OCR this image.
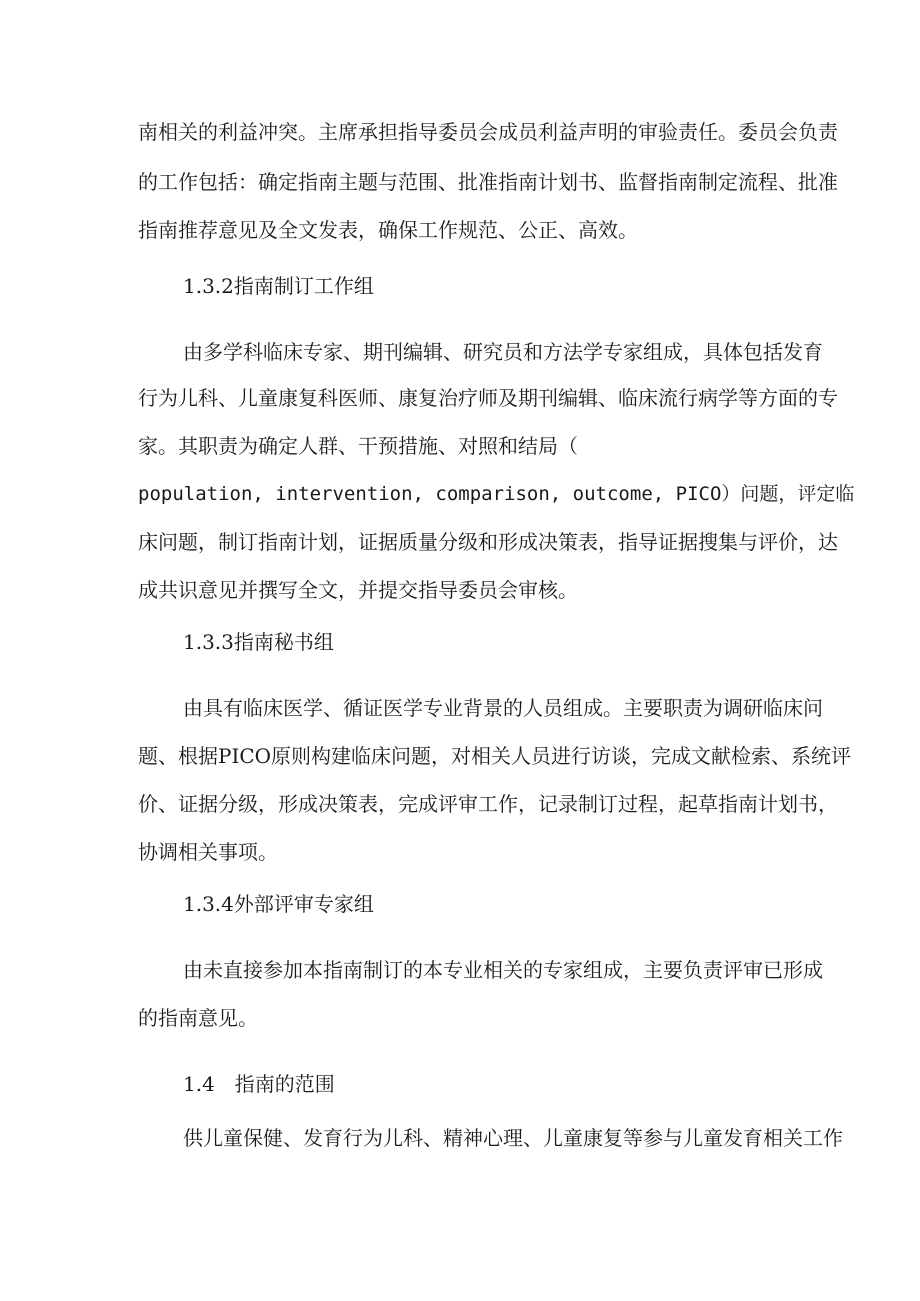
南相关的利益冲突。主席承担指导委员会成员利益声明的审验责任。委员会负责
的工作包括：确定指南主题与范围、批准指南计划书、监督指南制定流程、批准
指南推荐意见及全文发表，确保工作规范、公正、高效。
1.3.2指南制订工作组
由多学科临床专家、期刊编辑、研究员和方法学专家组成，具体包括发育
行为儿科、儿童康复科医师、康复治疗师及期刊编辑、临床流行病学等方面的专
家。其职责为确定人群、干预措施、对照和结局（
population, intervention, comparison, outcome, PICO）问题，评定临
床问题，制订指南计划，证据质量分级和形成决策表，指导证据搜集与评价，达
成共识意见并撰写全文，并提交指导委员会审核。
1.3.3指南秘书组
由具有临床医学、循证医学专业背景的人员组成。主要职责为调研临床问
题、根据PICO原则构建临床问题，对相关人员进行访谈，完成文献检索、系统评
价、证据分级，形成决策表，完成评审工作，记录制订过程，起草指南计划书，
协调相关事项。
1.3.4外部评审专家组
由未直接参加本指南制订的本专业相关的专家组成，主要负责评审已形成
的指南意见。
1.4　指南的范围
供儿童保健、发育行为儿科、精神心理、儿童康复等参与儿童发育相关工作
